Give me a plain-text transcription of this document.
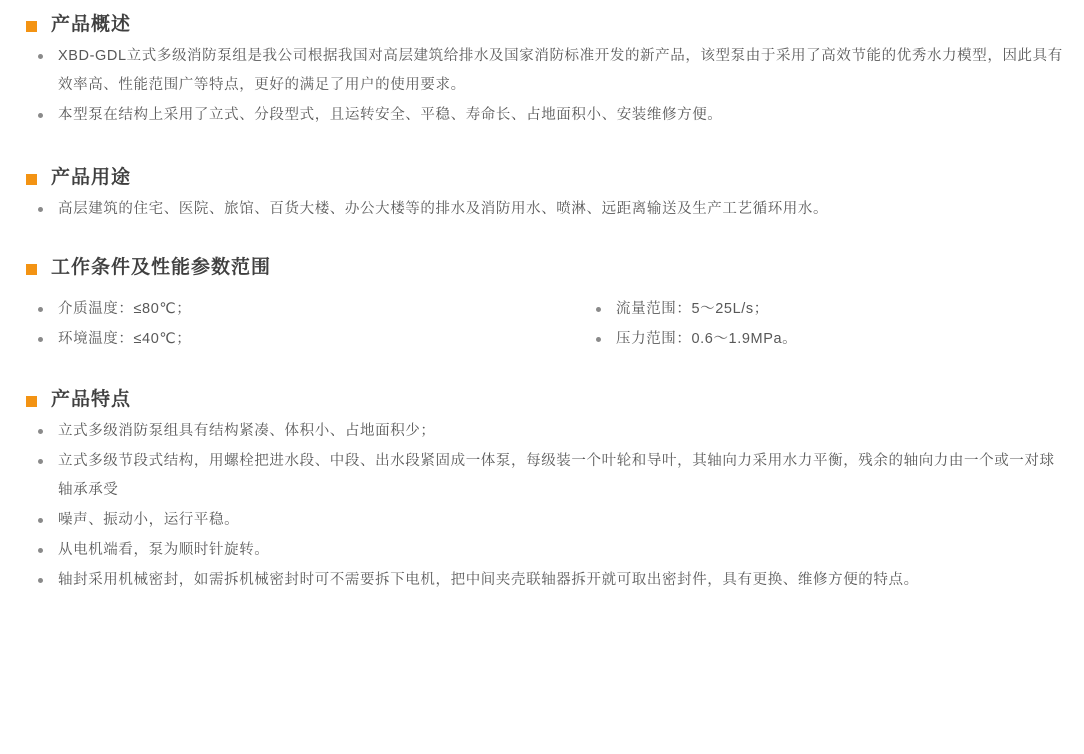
产品概述
XBD-GDL立式多级消防泵组是我公司根据我国对高层建筑给排水及国家消防标准开发的新产品，该型泵由于采用了高效节能的优秀水力模型，因此具有效率高、性能范围广等特点，更好的满足了用户的使用要求。
本型泵在结构上采用了立式、分段型式，且运转安全、平稳、寿命长、占地面积小、安装维修方便。
产品用途
高层建筑的住宅、医院、旅馆、百货大楼、办公大楼等的排水及消防用水、喷淋、远距离输送及生产工艺循环用水。
工作条件及性能参数范围
介质温度：≤80℃；
环境温度：≤40℃；
流量范围：5～25L/s；
压力范围：0.6～1.9MPa。
产品特点
立式多级消防泵组具有结构紧凑、体积小、占地面积少；
立式多级节段式结构，用螺栓把进水段、中段、出水段紧固成一体泵，每级装一个叶轮和导叶，其轴向力采用水力平衡，残余的轴向力由一个或一对球轴承承受
噪声、振动小，运行平稳。
从电机端看，泵为顺时针旋转。
轴封采用机械密封，如需拆机械密封时可不需要拆下电机，把中间夹壳联轴器拆开就可取出密封件，具有更换、维修方便的特点。
